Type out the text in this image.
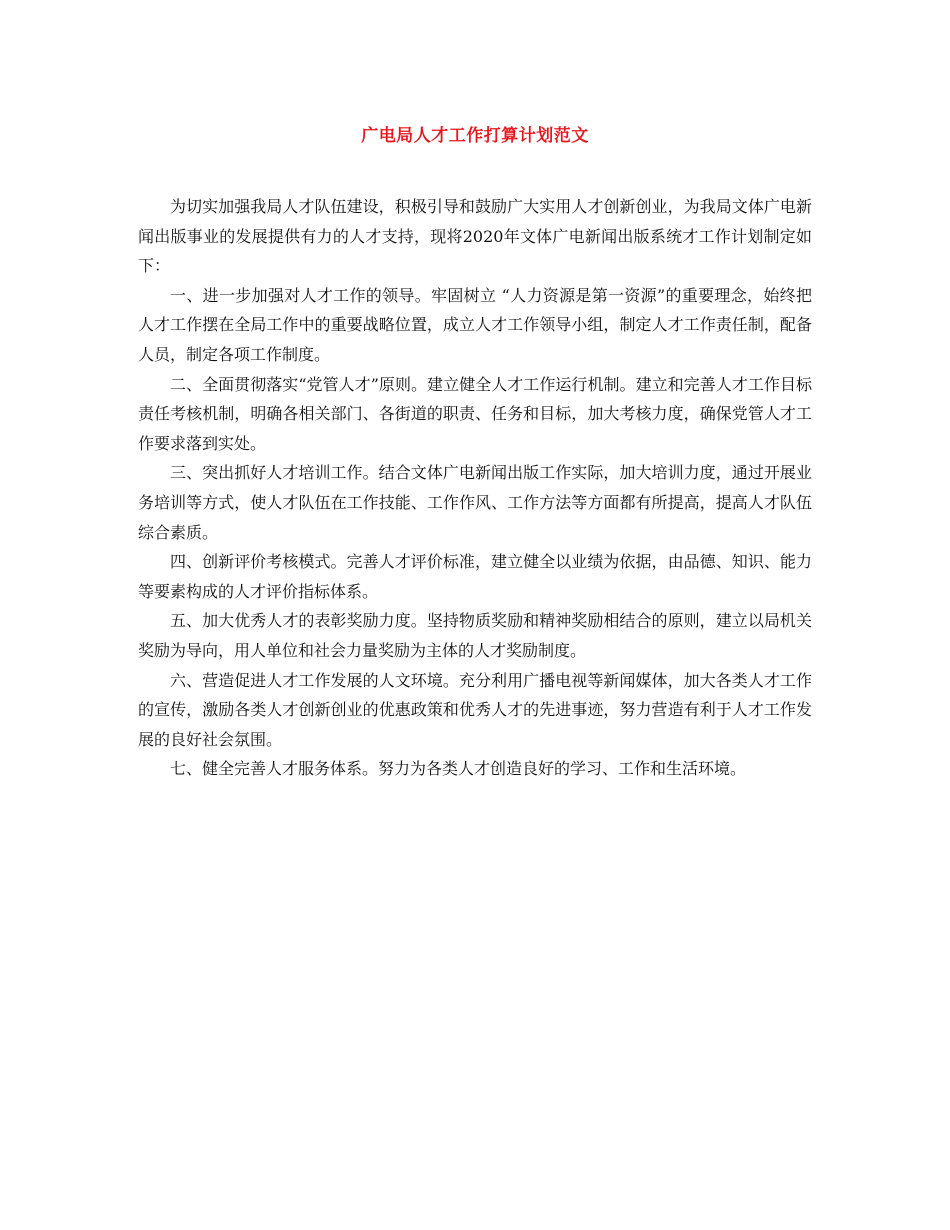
广电局人才工作打算计划范文

为切实加强我局人才队伍建设，积极引导和鼓励广大实用人才创新创业，为我局文体广电新闻出版事业的发展提供有力的人才支持，现将2020年文体广电新闻出版系统才工作计划制定如下：

一、进一步加强对人才工作的领导。牢固树立 “人力资源是第一资源”的重要理念，始终把人才工作摆在全局工作中的重要战略位置，成立人才工作领导小组，制定人才工作责任制，配备人员，制定各项工作制度。

二、全面贯彻落实“党管人才”原则。建立健全人才工作运行机制。建立和完善人才工作目标责任考核机制，明确各相关部门、各街道的职责、任务和目标，加大考核力度，确保党管人才工作要求落到实处。

三、突出抓好人才培训工作。结合文体广电新闻出版工作实际，加大培训力度，通过开展业务培训等方式，使人才队伍在工作技能、工作作风、工作方法等方面都有所提高，提高人才队伍综合素质。

四、创新评价考核模式。完善人才评价标准，建立健全以业绩为依据，由品德、知识、能力等要素构成的人才评价指标体系。

五、加大优秀人才的表彰奖励力度。坚持物质奖励和精神奖励相结合的原则，建立以局机关奖励为导向，用人单位和社会力量奖励为主体的人才奖励制度。

六、营造促进人才工作发展的人文环境。充分利用广播电视等新闻媒体，加大各类人才工作的宣传，激励各类人才创新创业的优惠政策和优秀人才的先进事迹，努力营造有利于人才工作发展的良好社会氛围。

七、健全完善人才服务体系。努力为各类人才创造良好的学习、工作和生活环境。
